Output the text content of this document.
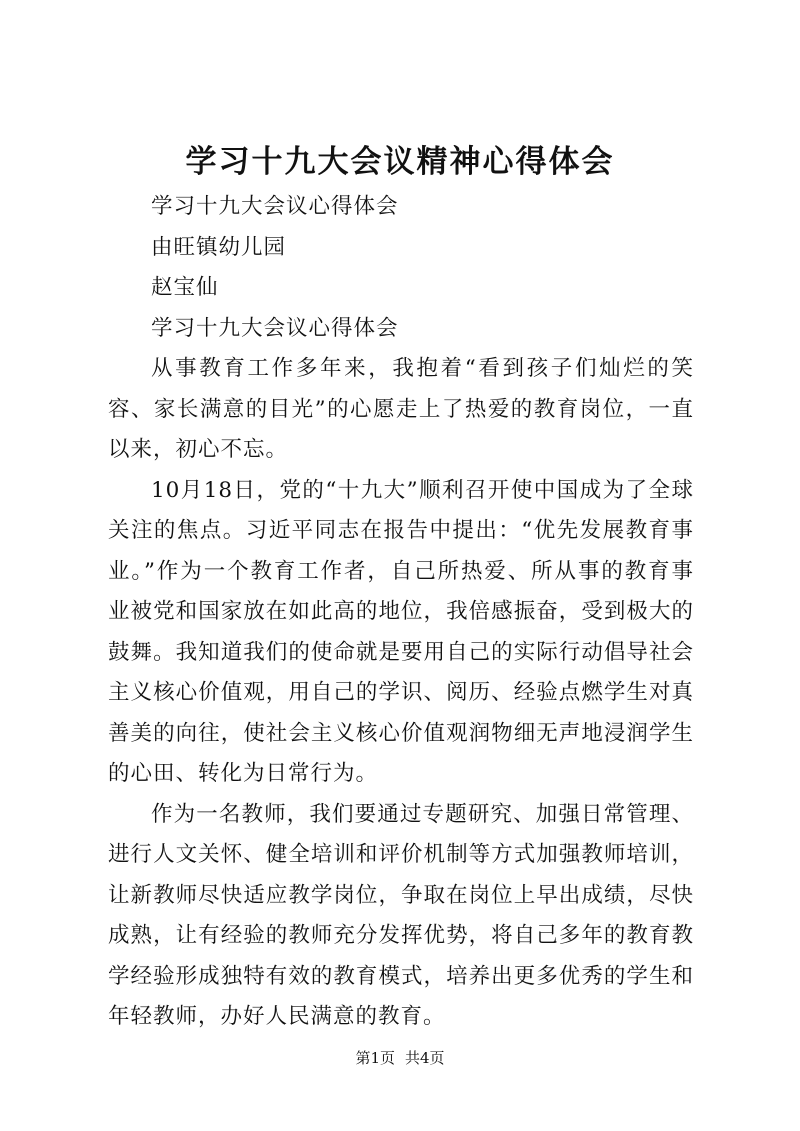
学习十九大会议精神心得体会

学习十九大会议心得体会

由旺镇幼儿园

赵宝仙

学习十九大会议心得体会

从事教育工作多年来，我抱着“看到孩子们灿烂的笑容、家长满意的目光”的心愿走上了热爱的教育岗位，一直以来，初心不忘。

10月18日，党的“十九大”顺利召开使中国成为了全球关注的焦点。习近平同志在报告中提出：“优先发展教育事业。”作为一个教育工作者，自己所热爱、所从事的教育事业被党和国家放在如此高的地位，我倍感振奋，受到极大的鼓舞。我知道我们的使命就是要用自己的实际行动倡导社会主义核心价值观，用自己的学识、阅历、经验点燃学生对真善美的向往，使社会主义核心价值观润物细无声地浸润学生的心田、转化为日常行为。

作为一名教师，我们要通过专题研究、加强日常管理、进行人文关怀、健全培训和评价机制等方式加强教师培训，让新教师尽快适应教学岗位，争取在岗位上早出成绩，尽快成熟，让有经验的教师充分发挥优势，将自己多年的教育教学经验形成独特有效的教育模式，培养出更多优秀的学生和年轻教师，办好人民满意的教育。

第1页 共4页
